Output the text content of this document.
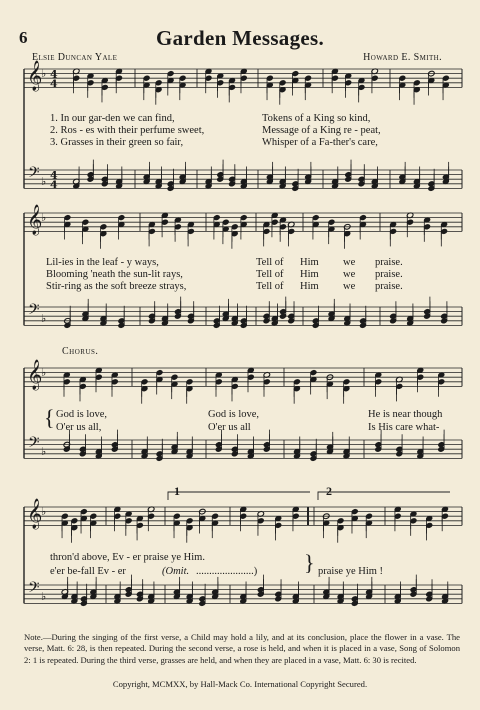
6	Garden Messages.
Elsie Duncan Yale	Howard E. Smith.
𝄞
𝄢
♭
♭
4
4
4
4
𝄞
𝄢
♭
♭
𝄞
𝄢
♭
♭
𝄞
𝄢
♭
♭
1. In our gar-den we can find,	Tokens of a King so kind,
2. Ros - es with their perfume sweet,	Message of a King re - peat,
3. Grasses in their green so fair,	Whisper of a Fa-ther's care,
Lil-ies in the leaf - y ways,	Tell of Him we praise.
Blooming 'neath the sun-lit rays,	Tell of Him we praise.
Stir-ring as the soft breeze strays,	Tell of Him we praise.
Chorus.
{ God is love,	God is love,	He is near though
O'er us all,	O'er us all	Is His care what-
1	2
thron'd above, Ev - er praise ye Him.
e'er be-fall Ev - er	(Omit. ......................) } praise ye Him !
Note.—During the singing of the first verse, a Child may hold a lily, and at its conclusion, place the flower in a vase. The verse, Matt. 6: 28, is then repeated. During the second verse, a rose is held, and when it is placed in a vase, Song of Solomon 2: 1 is repeated. During the third verse, grasses are held, and when they are placed in a vase, Matt. 6: 30 is recited.
Copyright, MCMXX, by Hall-Mack Co. International Copyright Secured.
